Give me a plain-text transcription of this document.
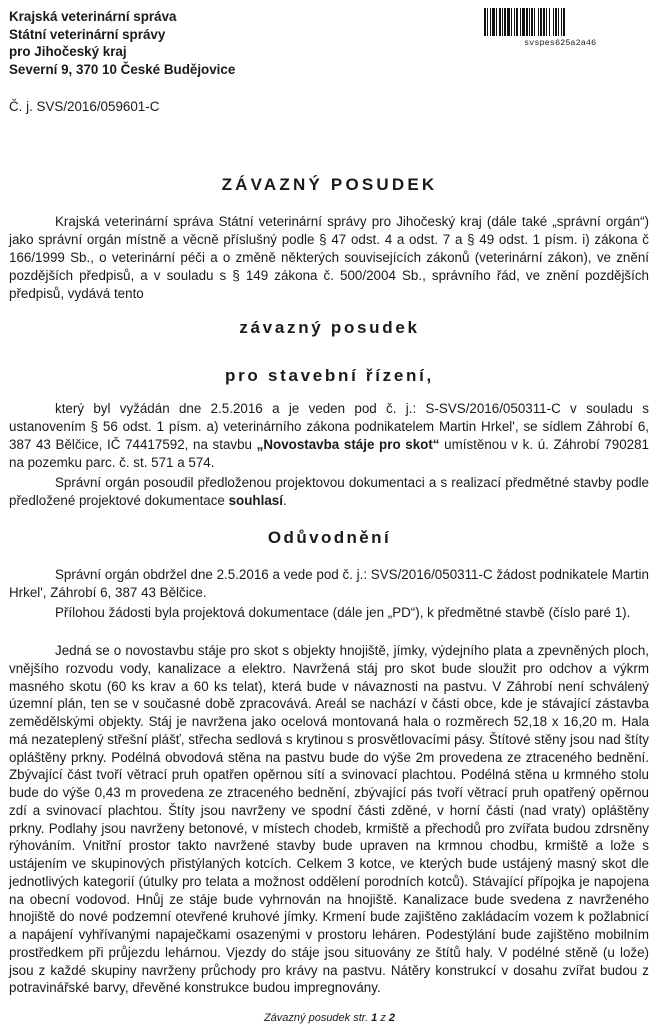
Krajská veterinární správa
Státní veterinární správy
pro Jihočeský kraj
Severní 9, 370 10 České Budějovice
svspes625a2a46
Č. j. SVS/2016/059601-C
ZÁVAZNÝ POSUDEK
Krajská veterinární správa Státní veterinární správy pro Jihočeský kraj (dále také „správní orgán“) jako správní orgán místně a věcně příslušný podle § 47 odst. 4 a odst. 7 a § 49 odst. 1 písm. i) zákona č 166/1999 Sb., o veterinární péči a o změně některých souvisejících zákonů (veterinární zákon), ve znění pozdějších předpisů, a v souladu s § 149 zákona č. 500/2004 Sb., správního řád, ve znění pozdějších předpisů, vydává tento
závazný posudek
pro stavební řízení,
který byl vyžádán dne 2.5.2016 a je veden pod č. j.: S-SVS/2016/050311-C v souladu s ustanovením § 56 odst. 1 písm. a) veterinárního zákona podnikatelem Martin Hrkel', se sídlem Záhrobí 6, 387 43 Bělčice, IČ 74417592, na stavbu „Novostavba stáje pro skot“ umístěnou v k. ú. Záhrobí 790281 na pozemku parc. č. st. 571 a 574.
Správní orgán posoudil předloženou projektovou dokumentaci a s realizací předmětné stavby podle předložené projektové dokumentace souhlasí.
Odůvodnění
Správní orgán obdržel dne 2.5.2016 a vede pod č. j.: SVS/2016/050311-C žádost podnikatele Martin Hrkel', Záhrobí 6, 387 43 Bělčice.
Přílohou žádosti byla projektová dokumentace (dále jen „PD“), k předmětné stavbě (číslo paré 1).
Jedná se o novostavbu stáje pro skot s objekty hnojiště, jímky, výdejního plata a zpevněných ploch, vnějšího rozvodu vody, kanalizace a elektro. Navržená stáj pro skot bude sloužit pro odchov a výkrm masného skotu (60 ks krav a 60 ks telat), která bude v návaznosti na pastvu. V Záhrobí není schválený územní plán, ten se v současné době zpracovává. Areál se nachází v části obce, kde je stávající zástavba zemědělskými objekty. Stáj je navržena jako ocelová montovaná hala o rozměrech 52,18 x 16,20 m. Hala má nezateplený střešní plášť, střecha sedlová s krytinou s prosvětlovacími pásy. Štítové stěny jsou nad štíty opláštěny prkny. Podélná obvodová stěna na pastvu bude do výše 2m provedena ze ztraceného bednění. Zbývající část tvoří větrací pruh opatřen opěrnou sítí a svinovací plachtou. Podélná stěna u krmného stolu bude do výše 0,43 m provedena ze ztraceného bednění, zbývající pás tvoří větrací pruh opatřený opěrnou zdí a svinovací plachtou. Štíty jsou navrženy ve spodní části zděné, v horní části (nad vraty) opláštěny prkny. Podlahy jsou navrženy betonové, v místech chodeb, krmiště a přechodů pro zvířata budou zdrsněny rýhováním. Vnitřní prostor takto navržené stavby bude upraven na krmnou chodbu, krmiště a lože s ustájením ve skupinových přistýlaných kotcích. Celkem 3 kotce, ve kterých bude ustájený masný skot dle jednotlivých kategorií (útulky pro telata a možnost oddělení porodních kotců). Stávající přípojka je napojena na obecní vodovod. Hnůj ze stáje bude vyhrnován na hnojiště. Kanalizace bude svedena z navrženého hnojiště do nové podzemní otevřené kruhové jímky. Krmení bude zajištěno zakládacím vozem k požlabnicí a napájení vyhřívanými napaječkami osazenými v prostoru leháren. Podestýlání bude zajištěno mobilním prostředkem při průjezdu lehárnou. Vjezdy do stáje jsou situovány ze štítů haly. V podélné stěně (u lože) jsou z každé skupiny navrženy průchody pro krávy na pastvu. Nátěry konstrukcí v dosahu zvířat budou z potravinářské barvy, dřevěné konstrukce budou impregnovány.
Závazný posudek str. 1 z 2
